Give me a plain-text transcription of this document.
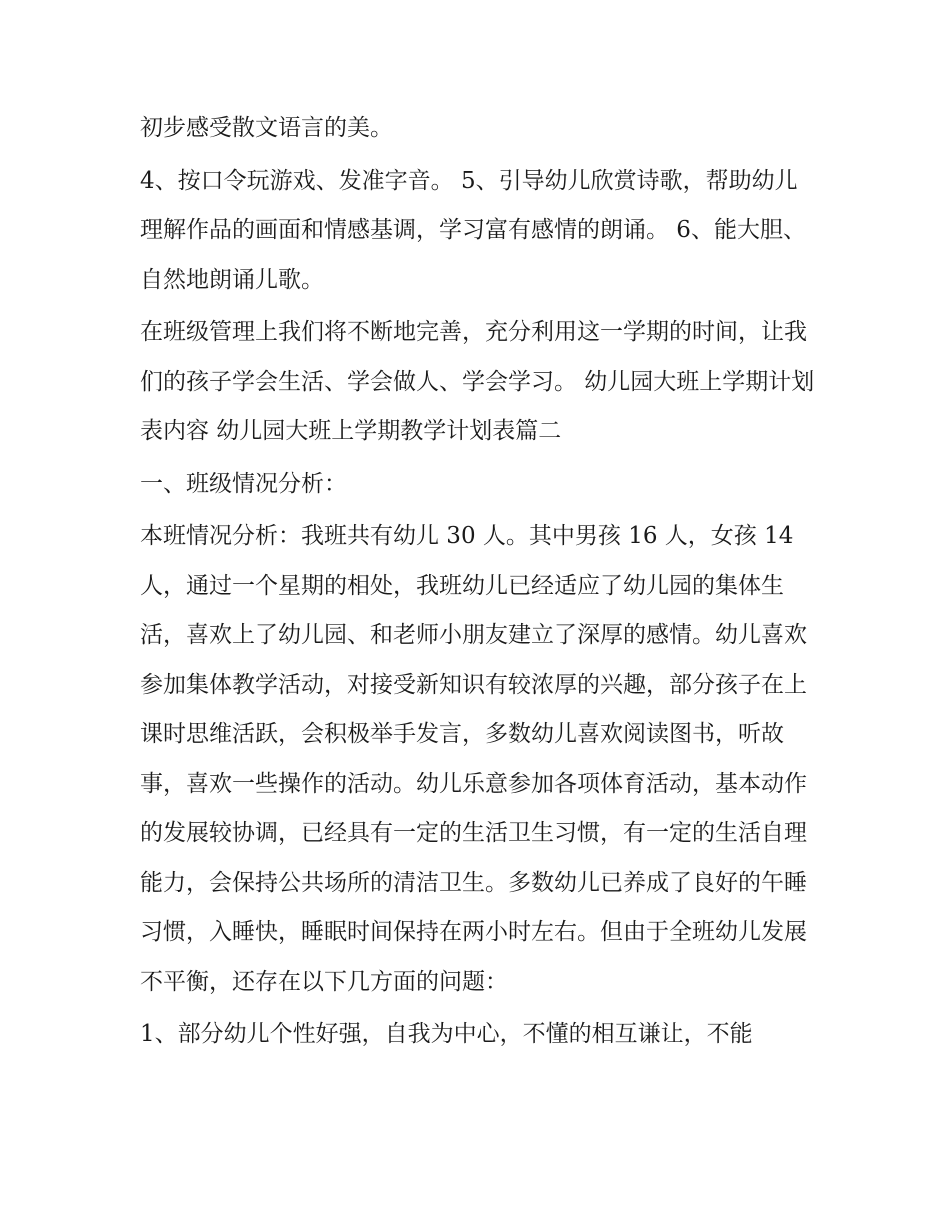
初步感受散文语言的美。

4、按口令玩游戏、发准字音。 5、引导幼儿欣赏诗歌，帮助幼儿理解作品的画面和情感基调，学习富有感情的朗诵。 6、能大胆、自然地朗诵儿歌。

在班级管理上我们将不断地完善，充分利用这一学期的时间，让我们的孩子学会生活、学会做人、学会学习。 幼儿园大班上学期计划表内容 幼儿园大班上学期教学计划表篇二

一、班级情况分析：

本班情况分析：我班共有幼儿 30 人。其中男孩 16 人，女孩 14 人，通过一个星期的相处，我班幼儿已经适应了幼儿园的集体生活，喜欢上了幼儿园、和老师小朋友建立了深厚的感情。幼儿喜欢参加集体教学活动，对接受新知识有较浓厚的兴趣，部分孩子在上课时思维活跃，会积极举手发言，多数幼儿喜欢阅读图书，听故事，喜欢一些操作的活动。幼儿乐意参加各项体育活动，基本动作的发展较协调，已经具有一定的生活卫生习惯，有一定的生活自理能力，会保持公共场所的清洁卫生。多数幼儿已养成了良好的午睡习惯，入睡快，睡眠时间保持在两小时左右。但由于全班幼儿发展不平衡，还存在以下几方面的问题：

1、部分幼儿个性好强，自我为中心，不懂的相互谦让，不能
